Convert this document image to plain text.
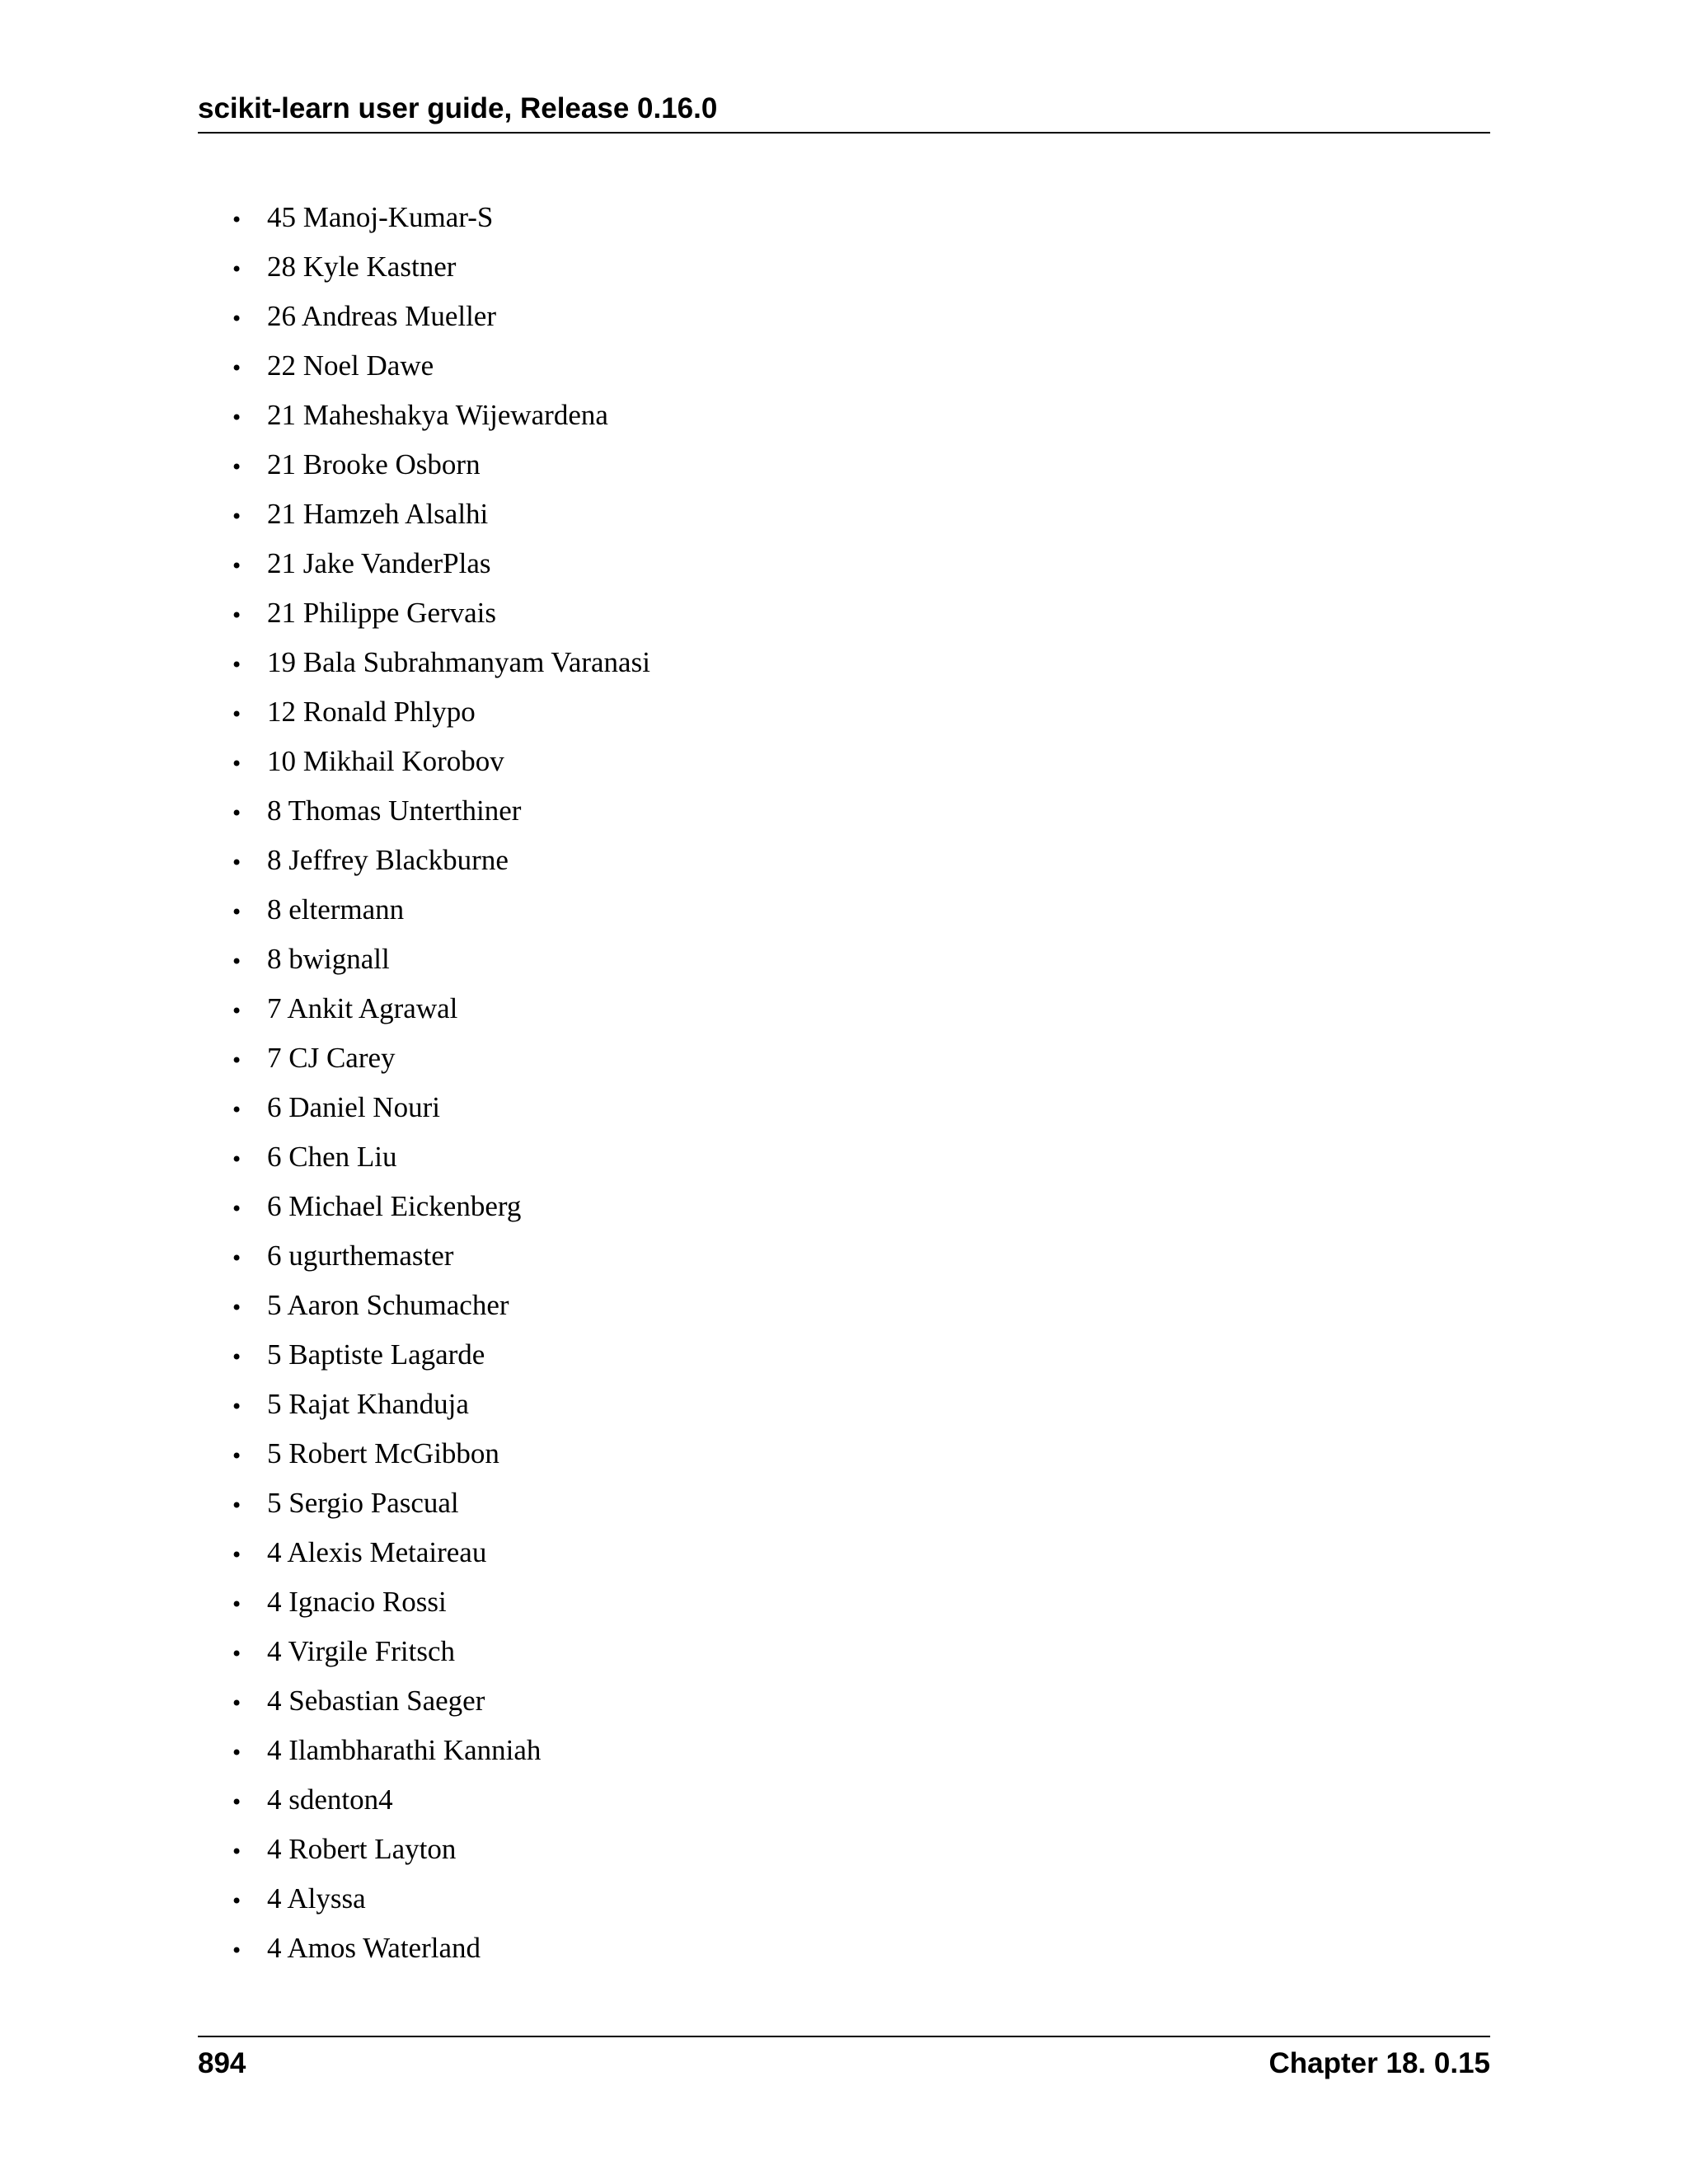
scikit-learn user guide, Release 0.16.0
• 45 Manoj-Kumar-S
• 28 Kyle Kastner
• 26 Andreas Mueller
• 22 Noel Dawe
• 21 Maheshakya Wijewardena
• 21 Brooke Osborn
• 21 Hamzeh Alsalhi
• 21 Jake VanderPlas
• 21 Philippe Gervais
• 19 Bala Subrahmanyam Varanasi
• 12 Ronald Phlypo
• 10 Mikhail Korobov
• 8 Thomas Unterthiner
• 8 Jeffrey Blackburne
• 8 eltermann
• 8 bwignall
• 7 Ankit Agrawal
• 7 CJ Carey
• 6 Daniel Nouri
• 6 Chen Liu
• 6 Michael Eickenberg
• 6 ugurthemaster
• 5 Aaron Schumacher
• 5 Baptiste Lagarde
• 5 Rajat Khanduja
• 5 Robert McGibbon
• 5 Sergio Pascual
• 4 Alexis Metaireau
• 4 Ignacio Rossi
• 4 Virgile Fritsch
• 4 Sebastian Saeger
• 4 Ilambharathi Kanniah
• 4 sdenton4
• 4 Robert Layton
• 4 Alyssa
• 4 Amos Waterland
894	Chapter 18. 0.15
